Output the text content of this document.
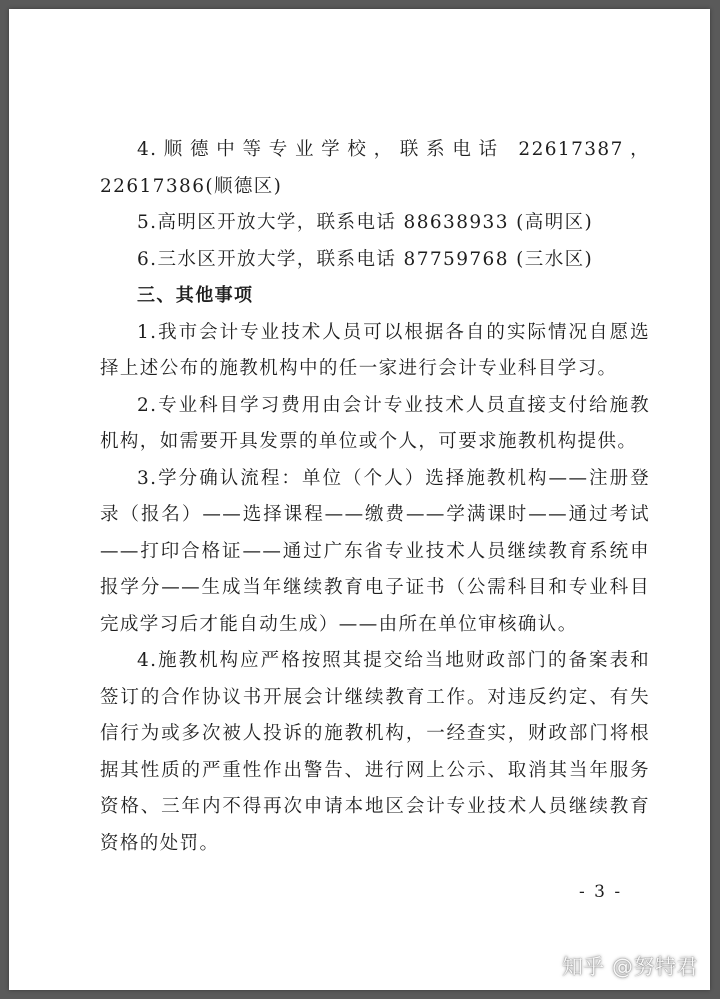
4.顺德中等专业学校，联系电话 22617387，22617386(顺德区)

5.高明区开放大学，联系电话 88638933 (高明区)

6.三水区开放大学，联系电话 87759768 (三水区)

三、其他事项

1.我市会计专业技术人员可以根据各自的实际情况自愿选择上述公布的施教机构中的任一家进行会计专业科目学习。

2.专业科目学习费用由会计专业技术人员直接支付给施教机构，如需要开具发票的单位或个人，可要求施教机构提供。

3.学分确认流程：单位（个人）选择施教机构——注册登录（报名）——选择课程——缴费——学满课时——通过考试——打印合格证——通过广东省专业技术人员继续教育系统申报学分——生成当年继续教育电子证书（公需科目和专业科目完成学习后才能自动生成）——由所在单位审核确认。

4.施教机构应严格按照其提交给当地财政部门的备案表和签订的合作协议书开展会计继续教育工作。对违反约定、有失信行为或多次被人投诉的施教机构，一经查实，财政部门将根据其性质的严重性作出警告、进行网上公示、取消其当年服务资格、三年内不得再次申请本地区会计专业技术人员继续教育资格的处罚。

- 3 -
知乎 @努特君
